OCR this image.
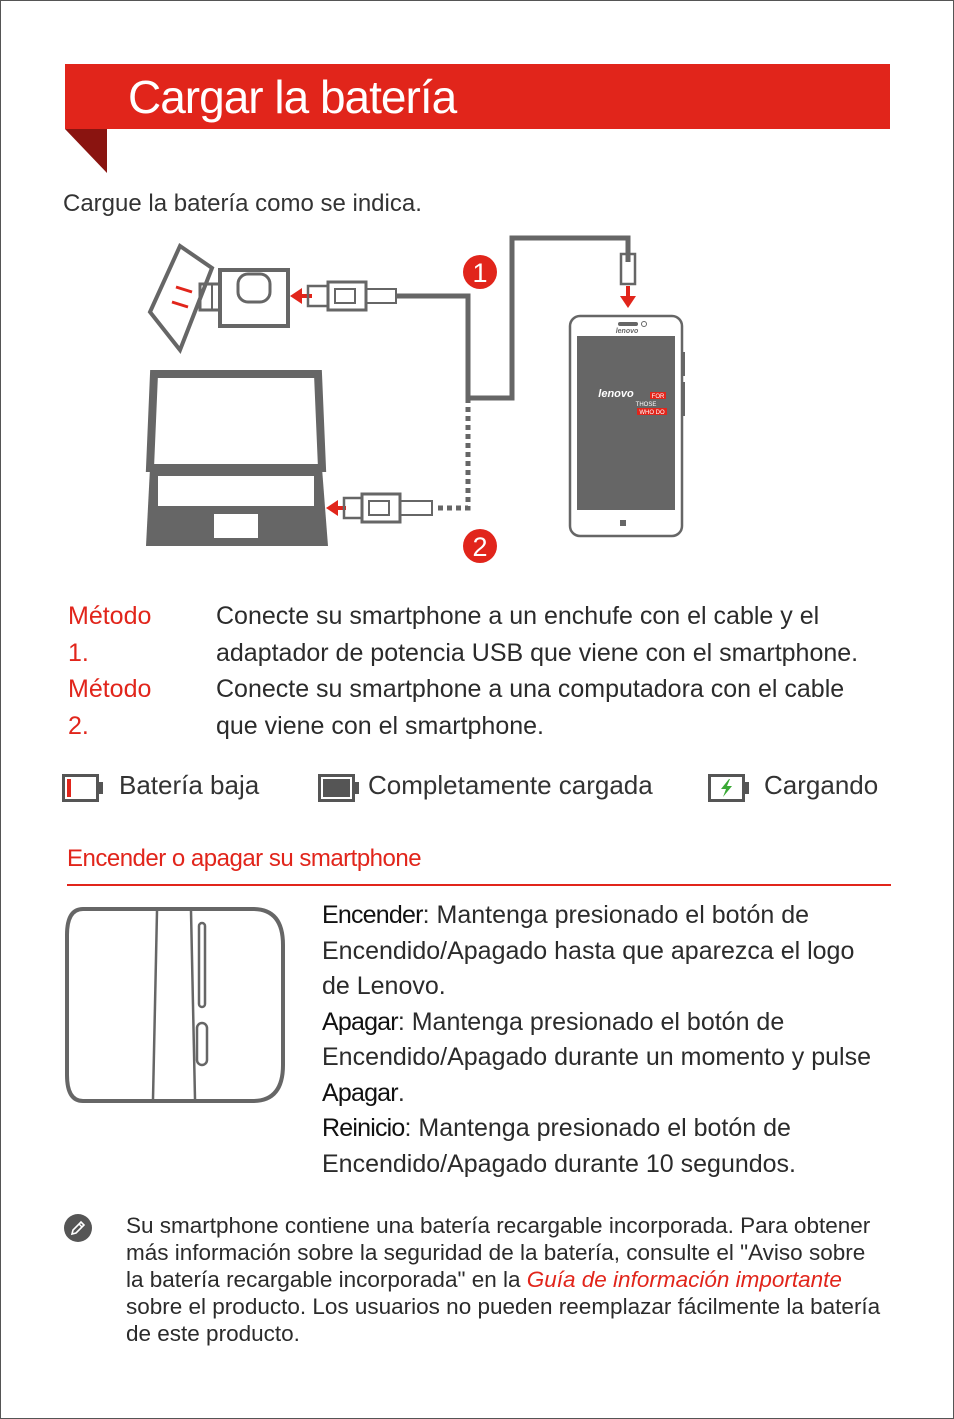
Cargar la batería
Cargue la batería como se indica.
1
2
lenovo
lenovo	FOR
THOSE
WHO DO
Método 1.
Conecte su smartphone a un enchufe con el cable y el
adaptador de potencia USB que viene con el smartphone.
Método 2.
Conecte su smartphone a una computadora con el cable
que viene con el smartphone.
Batería baja	Completamente cargada	Cargando
Encender o apagar su smartphone
Encender: Mantenga presionado el botón de Encendido/Apagado hasta que aparezca el logo de Lenovo.
Apagar: Mantenga presionado el botón de Encendido/Apagado durante un momento y pulse Apagar.
Reinicio: Mantenga presionado el botón de Encendido/Apagado durante 10 segundos.
Su smartphone contiene una batería recargable incorporada. Para obtener más información sobre la seguridad de la batería, consulte el "Aviso sobre la batería recargable incorporada" en la Guía de información importante sobre el producto. Los usuarios no pueden reemplazar fácilmente la batería de este producto.
